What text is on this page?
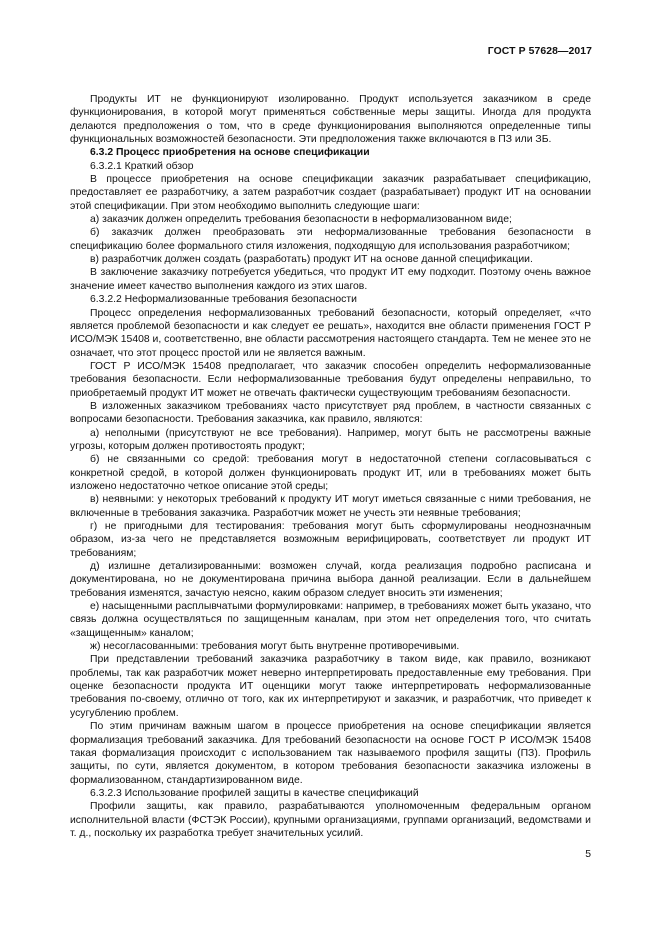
ГОСТ Р 57628—2017

Продукты ИТ не функционируют изолированно. Продукт используется заказчиком в среде функционирования, в которой могут применяться собственные меры защиты. Иногда для продукта делаются предположения о том, что в среде функционирования выполняются определенные типы функциональных возможностей безопасности. Эти предположения также включаются в ПЗ или ЗБ.

6.3.2 Процесс приобретения на основе спецификации

6.3.2.1 Краткий обзор

В процессе приобретения на основе спецификации заказчик разрабатывает спецификацию, предоставляет ее разработчику, а затем разработчик создает (разрабатывает) продукт ИТ на основании этой спецификации. При этом необходимо выполнить следующие шаги:

а) заказчик должен определить требования безопасности в неформализованном виде;

б) заказчик должен преобразовать эти неформализованные требования безопасности в спецификацию более формального стиля изложения, подходящую для использования разработчиком;

в) разработчик должен создать (разработать) продукт ИТ на основе данной спецификации.

В заключение заказчику потребуется убедиться, что продукт ИТ ему подходит. Поэтому очень важное значение имеет качество выполнения каждого из этих шагов.

6.3.2.2 Неформализованные требования безопасности

Процесс определения неформализованных требований безопасности, который определяет, «что является проблемой безопасности и как следует ее решать», находится вне области применения ГОСТ Р ИСО/МЭК 15408 и, соответственно, вне области рассмотрения настоящего стандарта. Тем не менее это не означает, что этот процесс простой или не является важным.

ГОСТ Р ИСО/МЭК 15408 предполагает, что заказчик способен определить неформализованные требования безопасности. Если неформализованные требования будут определены неправильно, то приобретаемый продукт ИТ может не отвечать фактически существующим требованиям безопасности.

В изложенных заказчиком требованиях часто присутствует ряд проблем, в частности связанных с вопросами безопасности. Требования заказчика, как правило, являются:

а) неполными (присутствуют не все требования). Например, могут быть не рассмотрены важные угрозы, которым должен противостоять продукт;

б) не связанными со средой: требования могут в недостаточной степени согласовываться с конкретной средой, в которой должен функционировать продукт ИТ, или в требованиях может быть изложено недостаточно четкое описание этой среды;

в) неявными: у некоторых требований к продукту ИТ могут иметься связанные с ними требования, не включенные в требования заказчика. Разработчик может не учесть эти неявные требования;

г) не пригодными для тестирования: требования могут быть сформулированы неоднозначным образом, из-за чего не представляется возможным верифицировать, соответствует ли продукт ИТ требованиям;

д) излишне детализированными: возможен случай, когда реализация подробно расписана и документирована, но не документирована причина выбора данной реализации. Если в дальнейшем требования изменятся, зачастую неясно, каким образом следует вносить эти изменения;

е) насыщенными расплывчатыми формулировками: например, в требованиях может быть указано, что связь должна осуществляться по защищенным каналам, при этом нет определения того, что считать «защищенным» каналом;

ж) несогласованными: требования могут быть внутренне противоречивыми.

При представлении требований заказчика разработчику в таком виде, как правило, возникают проблемы, так как разработчик может неверно интерпретировать предоставленные ему требования. При оценке безопасности продукта ИТ оценщики могут также интерпретировать неформализованные требования по-своему, отлично от того, как их интерпретируют и заказчик, и разработчик, что приведет к усугублению проблем.

По этим причинам важным шагом в процессе приобретения на основе спецификации является формализация требований заказчика. Для требований безопасности на основе ГОСТ Р ИСО/МЭК 15408 такая формализация происходит с использованием так называемого профиля защиты (ПЗ). Профиль защиты, по сути, является документом, в котором требования безопасности заказчика изложены в формализованном, стандартизированном виде.

6.3.2.3 Использование профилей защиты в качестве спецификаций

Профили защиты, как правило, разрабатываются уполномоченным федеральным органом исполнительной власти (ФСТЭК России), крупными организациями, группами организаций, ведомствами и т. д., поскольку их разработка требует значительных усилий.

5
